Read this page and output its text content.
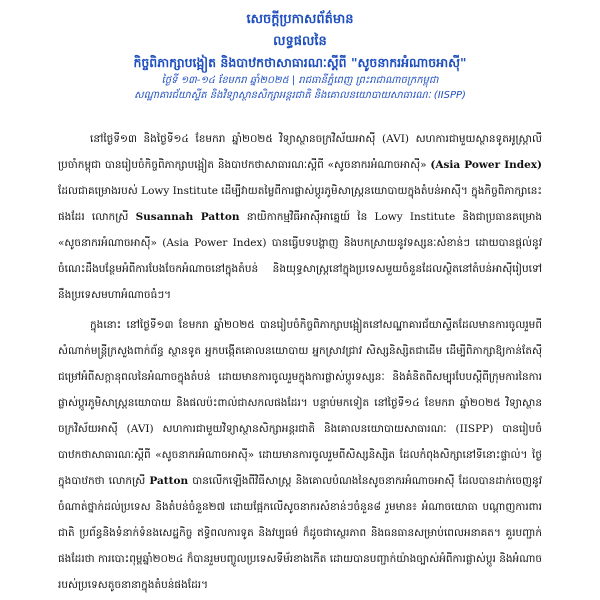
សេចក្តីប្រកាសព័ត៌មាន
លទ្ធផលនៃ
កិច្ចពិភាក្សាបង្អៀត និងបាឋកថាសាធារណៈស្តីពី "សូចនាករអំណាចអាស៊ី"
ថ្ងៃទី ១៣-១៤ ខែមករា ឆ្នាំ២០២៥ | រាជធានីភ្នំពេញ ព្រះរាជាណាចក្រកម្ពុជា
សណ្ឋាគារជ័យាស្ទីត និងវិទ្យាស្ថានសិក្សាអន្តរជាតិ និងគោលនយោបាយសាធារណៈ (IISPP)

នៅថ្ងៃទី១៣ និងថ្ងៃទី១៤ ខែមករា ឆ្នាំ២០២៥ វិទ្យាស្ថានចក្រវិស័យអាស៊ី (AVI) សហការជាមួយស្ថានទូតអូស្ត្រាលីប្រចាំកម្ពុជា បានរៀបចំកិច្ចពិភាក្សាបង្អៀត និងបាឋកថាសាធារណៈស្តីពី «សូចនាករអំណាចអាស៊ី» (Asia Power Index) ដែលជាគម្រោងរបស់ Lowy Institute ដើម្បីវាយតម្លៃពីការផ្លាស់ប្តូរភូមិសាស្ត្រនយោបាយក្នុងតំបន់អាស៊ី។ ក្នុងកិច្ចពិភាក្សានេះផងដែរ លោកស្រី Susannah Patton នាយិកាកម្មវិធីអាស៊ីអាគ្នេយ៍ នៃ Lowy Institute និងជាប្រធានគម្រោង «សូចនាករអំណាចអាស៊ី» (Asia Power Index) បានធ្វើបទបង្ហាញ និងបកស្រាយនូវទស្សនៈសំខាន់ៗ ដោយបានផ្តល់នូវចំណេះដឹងបន្ថែមអំពីការបែងចែកអំណាចនៅក្នុងតំបន់ និងយុទ្ធសាស្ត្រនៅក្នុងប្រទេសមួយចំនួនដែលស្ថិតនៅតំបន់អាស៊ីរៀបទៅនឹងប្រទេសមហាអំណាចធំៗ។

ក្នុងនោះ នៅថ្ងៃទី១៣ ខែមករា ឆ្នាំ២០២៥ បានរៀបចំកិច្ចពិភាក្សាបង្អៀតនៅសណ្ឋាគារជ័យាស្ទីតដែលមានការចូលរួមពីសំណាក់មន្ត្រីក្រសួងពាក់ព័ន្ធ ស្ថានទូត អ្នកបង្កើតគោលនយោបាយ អ្នកស្រាវជ្រាវ សិស្សនិស្សិតជាដើម ដើម្បីពិភាក្សាឱ្យកាន់តែស៊ីជម្រៅអំពីសក្តានុពលនៃអំណាចក្នុងតំបន់ ដោយមានការចូលរួមក្នុងការផ្លាស់ប្តូរទស្សនៈ និងគំនិតពីសម្បុរបែបស្តីពីក្រុមការនៃការផ្លាស់ប្តូរភូមិសាស្ត្រនយោបាយ និងផលប៉ះពាល់ជាសកលផងដែរ។ បន្ទាប់មកទៀត នៅថ្ងៃទី១៤ ខែមករា ឆ្នាំ២០២៥ វិទ្យាស្ថានចក្រវិស័យអាស៊ី (AVI) សហការជាមួយវិទ្យាស្ថានសិក្សាអន្តរជាតិ និងគោលនយោបាយសាធារណៈ (IISPP) បានរៀបចំបាឋកថាសាធារណៈស្តីពី «សូចនាករអំណាចអាស៊ី» ដោយមានការចូលរួមពីសិស្សនិស្សិត ដែលកំពុងសិក្សានៅទីនោះផ្ទាល់។ ថ្ងៃក្នុងបាឋកថា លោកស្រី Patton បានលើកឡើងពីវិធីសាស្ត្រ និងគោលបំណងនៃសូចនាករអំណាចអាស៊ី ដែលបានដាក់ចេញនូវចំណាត់ថ្នាក់ដល់ប្រទេស និងតំបន់ចំនួន២៧ ដោយផ្អែកលើសូចនាករសំខាន់ៗចំនួន៨ រួមមាន៖ អំណាចយោធា បណ្តាញការពារជាតិ ប្រព័ន្ធនិងទំនាក់ទំនងសេដ្ឋកិច្ច ឥទ្ធិពលការទូត និងវប្បធម៌ ក៏ដូចជាស្ថេរភាព និងធនធានសម្រាប់ពេលអនាគត។ គួរបញ្ជាក់ផងដែរថា ការបោះពុម្ពឆ្នាំ២០២៤ ក៏បានរួមបញ្ចូលប្រទេសទីម័រខាងកើត ដោយបានបញ្ជាក់យ៉ាងច្បាស់អំពីការផ្លាស់ប្តូរ និងអំណាចរបស់ប្រទេសតូចនានាក្នុងតំបន់ផងដែរ។
